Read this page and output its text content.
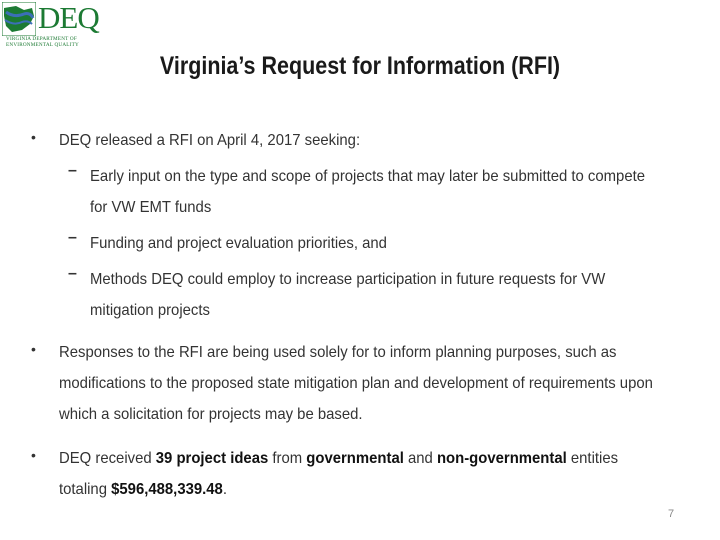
DEQ
VIRGINIA DEPARTMENT OF
ENVIRONMENTAL QUALITY
Virginia’s Request for Information (RFI)
• DEQ released a RFI on April 4, 2017 seeking:
– Early input on the type and scope of projects that may later be submitted to compete for VW EMT funds
– Funding and project evaluation priorities, and
– Methods DEQ could employ to increase participation in future requests for VW mitigation projects
• Responses to the RFI are being used solely for to inform planning purposes, such as modifications to the proposed state mitigation plan and development of requirements upon which a solicitation for projects may be based.
• DEQ received 39 project ideas from governmental and non-governmental entities totaling $596,488,339.48.
7
